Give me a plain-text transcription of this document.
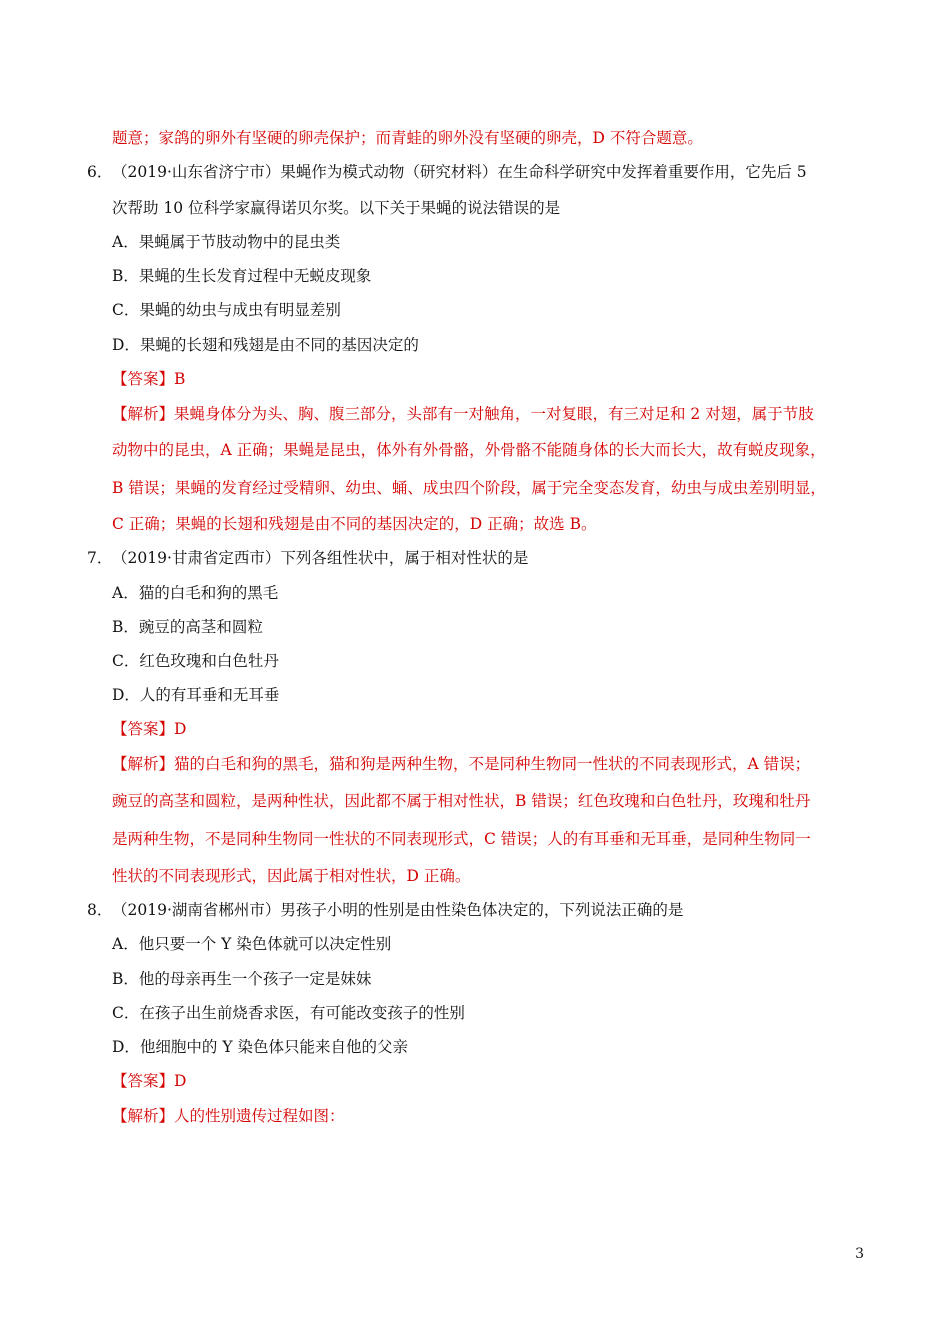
题意；家鸽的卵外有坚硬的卵壳保护；而青蛙的卵外没有坚硬的卵壳，D 不符合题意。
6． （2019·山东省济宁市）果蝇作为模式动物（研究材料）在生命科学研究中发挥着重要作用，它先后 5
次帮助 10 位科学家赢得诺贝尔奖。以下关于果蝇的说法错误的是
A．果蝇属于节肢动物中的昆虫类
B．果蝇的生长发育过程中无蜕皮现象
C．果蝇的幼虫与成虫有明显差别
D．果蝇的长翅和残翅是由不同的基因决定的
【答案】B
【解析】果蝇身体分为头、胸、腹三部分，头部有一对触角，一对复眼，有三对足和 2 对翅，属于节肢
动物中的昆虫，A 正确；果蝇是昆虫，体外有外骨骼，外骨骼不能随身体的长大而长大，故有蜕皮现象，
B 错误；果蝇的发育经过受精卵、幼虫、蛹、成虫四个阶段，属于完全变态发育，幼虫与成虫差别明显，
C 正确；果蝇的长翅和残翅是由不同的基因决定的，D 正确；故选 B。
7． （2019·甘肃省定西市）下列各组性状中，属于相对性状的是
A．猫的白毛和狗的黑毛
B．豌豆的高茎和圆粒
C．红色玫瑰和白色牡丹
D．人的有耳垂和无耳垂
【答案】D
【解析】猫的白毛和狗的黑毛，猫和狗是两种生物，不是同种生物同一性状的不同表现形式，A 错误；
豌豆的高茎和圆粒，是两种性状，因此都不属于相对性状，B 错误；红色玫瑰和白色牡丹，玫瑰和牡丹
是两种生物，不是同种生物同一性状的不同表现形式，C 错误；人的有耳垂和无耳垂，是同种生物同一
性状的不同表现形式，因此属于相对性状，D 正确。
8． （2019·湖南省郴州市）男孩子小明的性别是由性染色体决定的，下列说法正确的是
A．他只要一个 Y 染色体就可以决定性别
B．他的母亲再生一个孩子一定是妹妹
C．在孩子出生前烧香求医，有可能改变孩子的性别
D．他细胞中的 Y 染色体只能来自他的父亲
【答案】D
【解析】人的性别遗传过程如图：
3
